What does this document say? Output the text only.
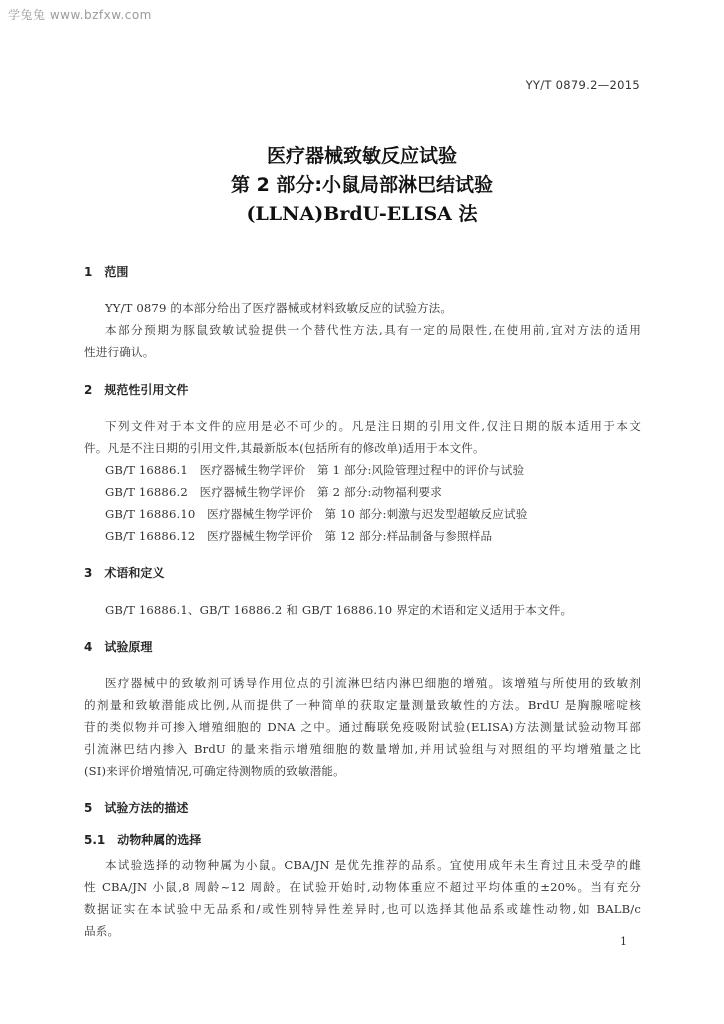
学兔兔 www.bzfxw.com
YY/T 0879.2—2015
医疗器械致敏反应试验
第 2 部分:小鼠局部淋巴结试验
(LLNA)BrdU-ELISA 法
1　范围
YY/T 0879 的本部分给出了医疗器械或材料致敏反应的试验方法。
本部分预期为豚鼠致敏试验提供一个替代性方法,具有一定的局限性,在使用前,宜对方法的适用
性进行确认。
2　规范性引用文件
下列文件对于本文件的应用是必不可少的。凡是注日期的引用文件,仅注日期的版本适用于本文
件。凡是不注日期的引用文件,其最新版本(包括所有的修改单)适用于本文件。
GB/T 16886.1　医疗器械生物学评价　第 1 部分:风险管理过程中的评价与试验
GB/T 16886.2　医疗器械生物学评价　第 2 部分:动物福利要求
GB/T 16886.10　医疗器械生物学评价　第 10 部分:刺激与迟发型超敏反应试验
GB/T 16886.12　医疗器械生物学评价　第 12 部分:样品制备与参照样品
3　术语和定义
GB/T 16886.1、GB/T 16886.2 和 GB/T 16886.10 界定的术语和定义适用于本文件。
4　试验原理
医疗器械中的致敏剂可诱导作用位点的引流淋巴结内淋巴细胞的增殖。该增殖与所使用的致敏剂
的剂量和致敏潜能成比例,从而提供了一种简单的获取定量测量致敏性的方法。BrdU 是胸腺嘧啶核
苷的类似物并可掺入增殖细胞的 DNA 之中。通过酶联免疫吸附试验(ELISA)方法测量试验动物耳部
引流淋巴结内掺入 BrdU 的量来指示增殖细胞的数量增加,并用试验组与对照组的平均增殖量之比
(SI)来评价增殖情况,可确定待测物质的致敏潜能。
5　试验方法的描述
5.1　动物种属的选择
本试验选择的动物种属为小鼠。CBA/JN 是优先推荐的品系。宜使用成年未生育过且未受孕的雌
性 CBA/JN 小鼠,8 周龄~12 周龄。在试验开始时,动物体重应不超过平均体重的±20%。当有充分
数据证实在本试验中无品系和/或性别特异性差异时,也可以选择其他品系或雄性动物,如 BALB/c
品系。
1
